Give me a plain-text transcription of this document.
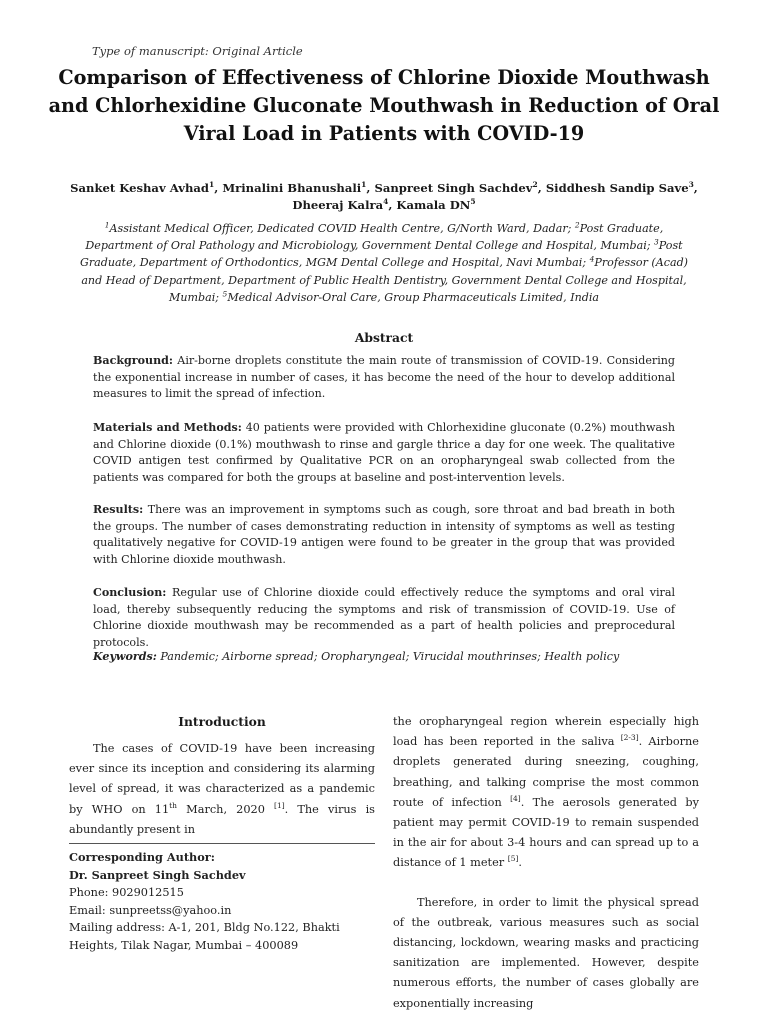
Type of manuscript: Original Article
Comparison of Effectiveness of Chlorine Dioxide Mouthwash and Chlorhexidine Gluconate Mouthwash in Reduction of Oral Viral Load in Patients with COVID-19
Sanket Keshav Avhad$^1$, Mrinalini Bhanushali$^1$, Sanpreet Singh Sachdev$^2$, Siddhesh Sandip Save$^3$, Dheeraj Kalra$^4$, Kamala $DN^5$
$^1$Assistant Medical Officer, Dedicated COVID Health Centre, G/North Ward, Dadar; $^2$Post Graduate, Department of Oral Pathology and Microbiology, Government Dental College and Hospital, Mumbai; $^3$Post Graduate, Department of Orthodontics, MGM Dental College and Hospital, Navi Mumbai; $^4$Professor (Acad) and Head of Department, Department of Public Health Dentistry, Government Dental College and Hospital, Mumbai; $^5$Medical Advisor-Oral Care, Group Pharmaceuticals Limited, India
Abstract
Background: Air-borne droplets constitute the main route of transmission of COVID-19. Considering the exponential increase in number of cases, it has become the need of the hour to develop additional measures to limit the spread of infection.
Materials and Methods: 40 patients were provided with Chlorhexidine gluconate (0.2%) mouthwash and Chlorine dioxide (0.1%) mouthwash to rinse and gargle thrice a day for one week. The qualitative COVID antigen test confirmed by Qualitative PCR on an oropharyngeal swab collected from the patients was compared for both the groups at baseline and post-intervention levels.
Results: There was an improvement in symptoms such as cough, sore throat and bad breath in both the groups. The number of cases demonstrating reduction in intensity of symptoms as well as testing qualitatively negative for COVID-19 antigen were found to be greater in the group that was provided with Chlorine dioxide mouthwash.
Conclusion: Regular use of Chlorine dioxide could effectively reduce the symptoms and oral viral load, thereby subsequently reducing the symptoms and risk of transmission of COVID-19. Use of Chlorine dioxide mouthwash may be recommended as a part of health policies and preprocedural protocols.
Keywords: Pandemic; Airborne spread; Oropharyngeal; Virucidal mouthrinses; Health policy
Introduction

The cases of COVID-19 have been increasing ever since its inception and considering its alarming level of spread, it was characterized as a pandemic by WHO on 11th March, 2020 [1]. The virus is abundantly present in

Corresponding Author:
Dr. Sanpreet Singh Sachdev
Phone: 9029012515
Email: sunpreetss@yahoo.in
Mailing address: A-1, 201, Bldg No.122, Bhakti Heights, Tilak Nagar, Mumbai – 400089

the oropharyngeal region wherein especially high load has been reported in the saliva [2-3]. Airborne droplets generated during sneezing, coughing, breathing, and talking comprise the most common route of infection [4]. The aerosols generated by patient may permit COVID-19 to remain suspended in the air for about 3-4 hours and can spread up to a distance of 1 meter [5].

Therefore, in order to limit the physical spread of the outbreak, various measures such as social distancing, lockdown, wearing masks and practicing sanitization are implemented. However, despite numerous efforts, the number of cases globally are exponentially increasing
